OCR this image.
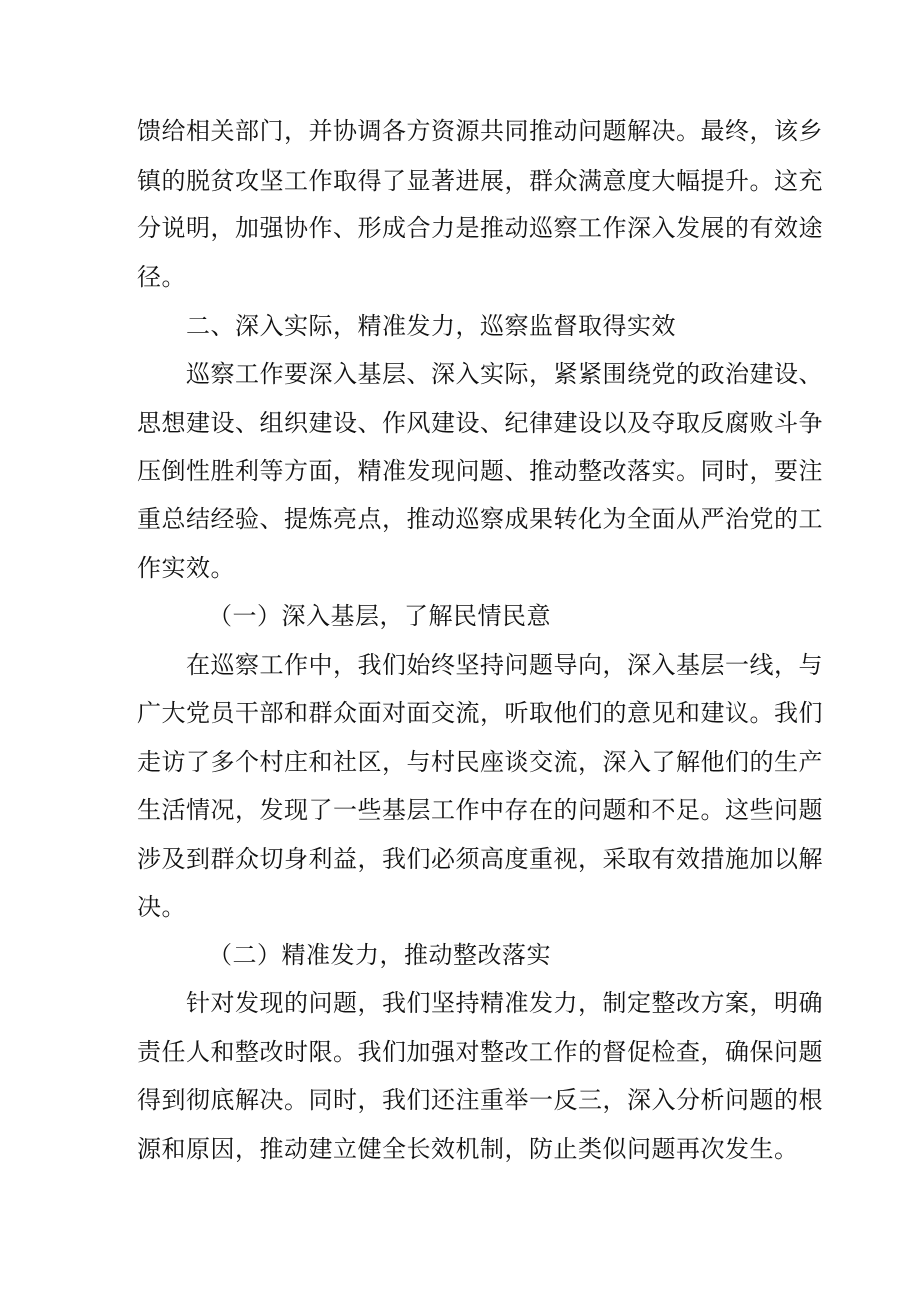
馈给相关部门，并协调各方资源共同推动问题解决。最终，该乡
镇的脱贫攻坚工作取得了显著进展，群众满意度大幅提升。这充
分说明，加强协作、形成合力是推动巡察工作深入发展的有效途
径。
二、深入实际，精准发力，巡察监督取得实效
巡察工作要深入基层、深入实际，紧紧围绕党的政治建设、
思想建设、组织建设、作风建设、纪律建设以及夺取反腐败斗争
压倒性胜利等方面，精准发现问题、推动整改落实。同时，要注
重总结经验、提炼亮点，推动巡察成果转化为全面从严治党的工
作实效。
（一）深入基层，了解民情民意
在巡察工作中，我们始终坚持问题导向，深入基层一线，与
广大党员干部和群众面对面交流，听取他们的意见和建议。我们
走访了多个村庄和社区，与村民座谈交流，深入了解他们的生产
生活情况，发现了一些基层工作中存在的问题和不足。这些问题
涉及到群众切身利益，我们必须高度重视，采取有效措施加以解
决。
（二）精准发力，推动整改落实
针对发现的问题，我们坚持精准发力，制定整改方案，明确
责任人和整改时限。我们加强对整改工作的督促检查，确保问题
得到彻底解决。同时，我们还注重举一反三，深入分析问题的根
源和原因，推动建立健全长效机制，防止类似问题再次发生。
